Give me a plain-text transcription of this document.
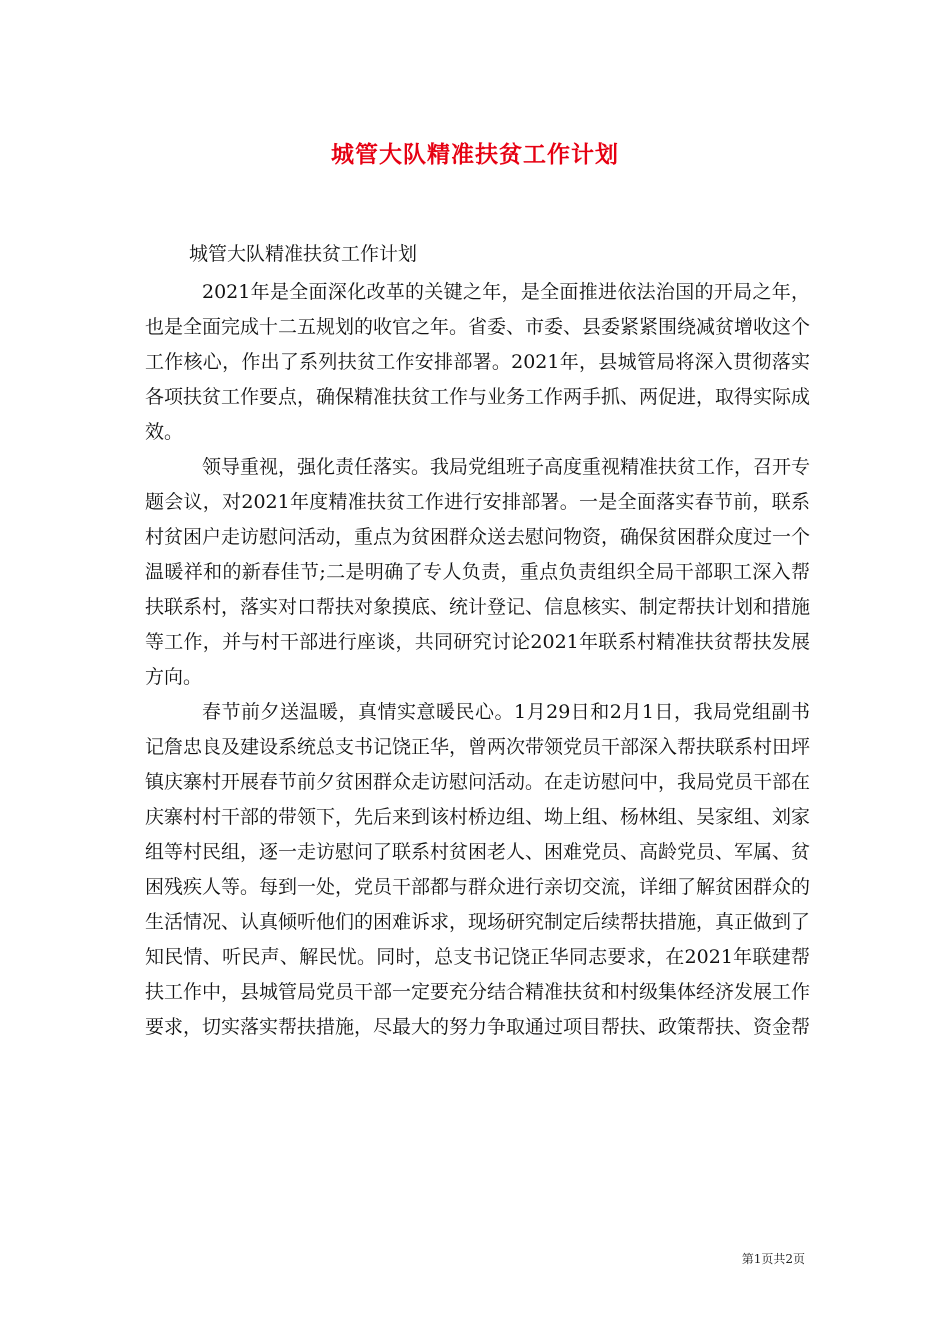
城管大队精准扶贫工作计划

城管大队精准扶贫工作计划

2021年是全面深化改革的关键之年，是全面推进依法治国的开局之年，也是全面完成十二五规划的收官之年。省委、市委、县委紧紧围绕减贫增收这个工作核心，作出了系列扶贫工作安排部署。2021年，县城管局将深入贯彻落实各项扶贫工作要点，确保精准扶贫工作与业务工作两手抓、两促进，取得实际成效。

领导重视，强化责任落实。我局党组班子高度重视精准扶贫工作，召开专题会议，对2021年度精准扶贫工作进行安排部署。一是全面落实春节前，联系村贫困户走访慰问活动，重点为贫困群众送去慰问物资，确保贫困群众度过一个温暖祥和的新春佳节;二是明确了专人负责，重点负责组织全局干部职工深入帮扶联系村，落实对口帮扶对象摸底、统计登记、信息核实、制定帮扶计划和措施等工作，并与村干部进行座谈，共同研究讨论2021年联系村精准扶贫帮扶发展方向。

春节前夕送温暖，真情实意暖民心。1月29日和2月1日，我局党组副书记詹忠良及建设系统总支书记饶正华，曾两次带领党员干部深入帮扶联系村田坪镇庆寨村开展春节前夕贫困群众走访慰问活动。在走访慰问中，我局党员干部在庆寨村村干部的带领下，先后来到该村桥边组、坳上组、杨林组、吴家组、刘家组等村民组，逐一走访慰问了联系村贫困老人、困难党员、高龄党员、军属、贫困残疾人等。每到一处，党员干部都与群众进行亲切交流，详细了解贫困群众的生活情况、认真倾听他们的困难诉求，现场研究制定后续帮扶措施，真正做到了知民情、听民声、解民忧。同时，总支书记饶正华同志要求，在2021年联建帮扶工作中，县城管局党员干部一定要充分结合精准扶贫和村级集体经济发展工作要求，切实落实帮扶措施，尽最大的努力争取通过项目帮扶、政策帮扶、资金帮

第1页共2页
